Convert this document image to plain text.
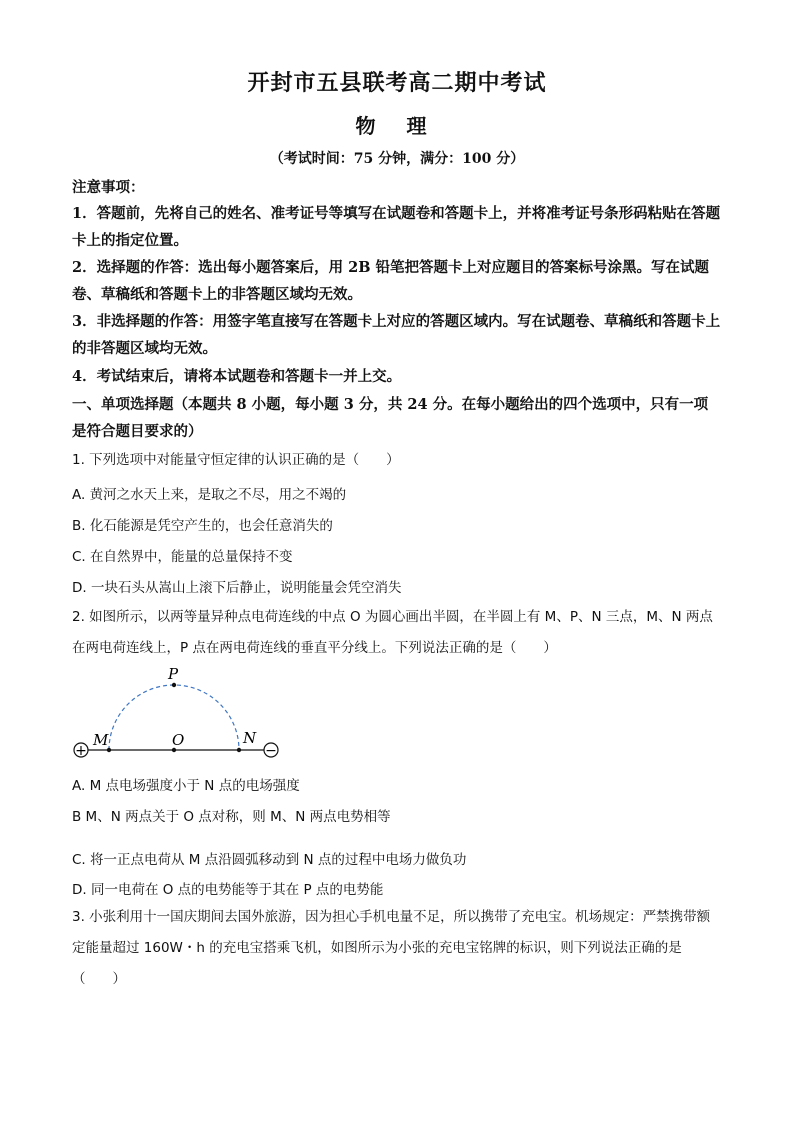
开封市五县联考高二期中考试
物 理
（考试时间：75 分钟，满分：100 分）
注意事项：
1．答题前，先将自己的姓名、准考证号等填写在试题卷和答题卡上，并将准考证号条形码粘贴在答题卡上的指定位置。
2．选择题的作答：选出每小题答案后，用 2B 铅笔把答题卡上对应题目的答案标号涂黑。写在试题卷、草稿纸和答题卡上的非答题区域均无效。
3．非选择题的作答：用签字笔直接写在答题卡上对应的答题区域内。写在试题卷、草稿纸和答题卡上的非答题区域均无效。
4．考试结束后，请将本试题卷和答题卡一并上交。
一、单项选择题（本题共 8 小题，每小题 3 分，共 24 分。在每小题给出的四个选项中，只有一项是符合题目要求的）
1. 下列选项中对能量守恒定律的认识正确的是（　　）
A. 黄河之水天上来，是取之不尽，用之不竭的
B. 化石能源是凭空产生的，也会任意消失的
C. 在自然界中，能量的总量保持不变
D. 一块石头从嵩山上滚下后静止，说明能量会凭空消失
2. 如图所示，以两等量异种点电荷连线的中点 O 为圆心画出半圆，在半圆上有 M、P、N 三点，M、N 两点在两电荷连线上，P 点在两电荷连线的垂直平分线上。下列说法正确的是（　　）
+	−
P
M	O	N
A. M 点电场强度小于 N 点的电场强度
B M、N 两点关于 O 点对称，则 M、N 两点电势相等
C. 将一正点电荷从 M 点沿圆弧移动到 N 点的过程中电场力做负功
D. 同一电荷在 O 点的电势能等于其在 P 点的电势能
3. 小张利用十一国庆期间去国外旅游，因为担心手机电量不足，所以携带了充电宝。机场规定：严禁携带额定能量超过 160W・h 的充电宝搭乘飞机，如图所示为小张的充电宝铭牌的标识，则下列说法正确的是（　　）
